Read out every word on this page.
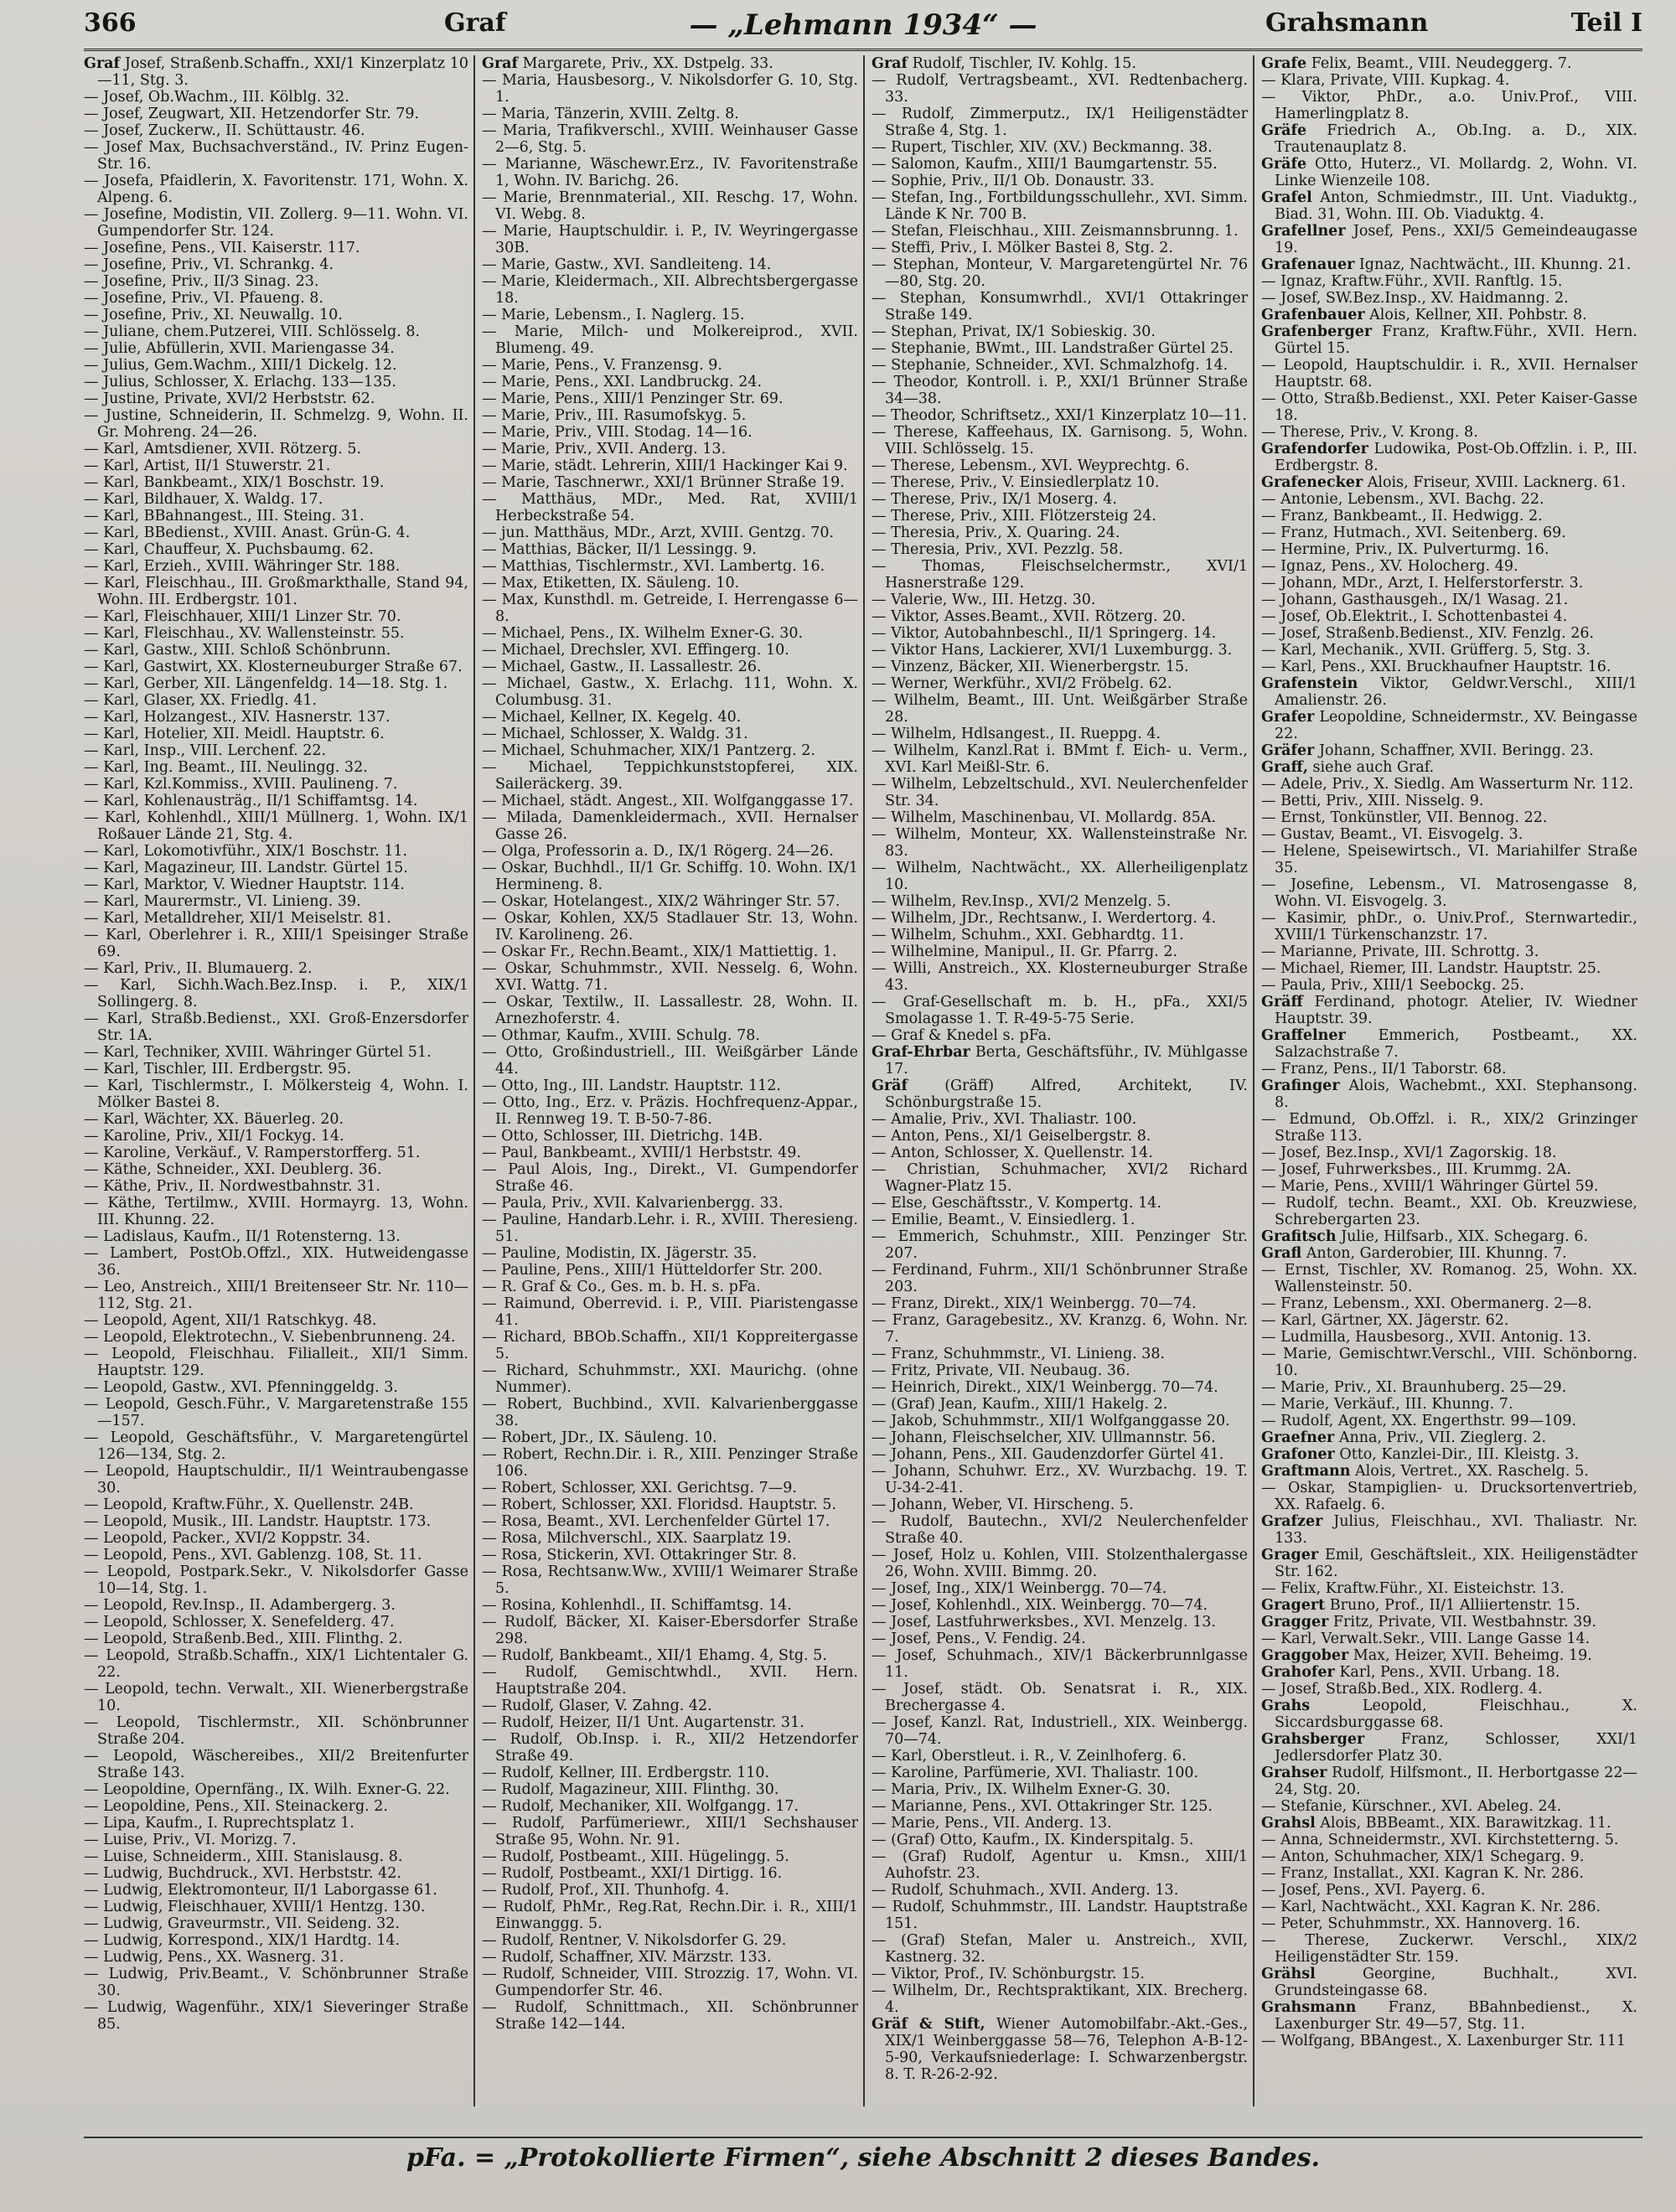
366	Graf	— „Lehmann 1934“ —	Grahsmann	Teil I

Graf Josef, Straßenb.Schaffn., XXI/1 Kinzerplatz 10—11, Stg. 3.

— Josef, Ob.Wachm., III. Kölblg. 32.

— Josef, Zeugwart, XII. Hetzendorfer Str. 79.

— Josef, Zuckerw., II. Schüttaustr. 46.

— Josef Max, Buchsachverständ., IV. Prinz Eugen-Str. 16.

— Josefa, Pfaidlerin, X. Favoritenstr. 171, Wohn. X. Alpeng. 6.

— Josefine, Modistin, VII. Zollerg. 9—11. Wohn. VI. Gumpendorfer Str. 124.

— Josefine, Pens., VII. Kaiserstr. 117.

— Josefine, Priv., VI. Schrankg. 4.

— Josefine, Priv., II/3 Sinag. 23.

— Josefine, Priv., VI. Pfaueng. 8.

— Josefine, Priv., XI. Neuwallg. 10.

— Juliane, chem.Putzerei, VIII. Schlösselg. 8.

— Julie, Abfüllerin, XVII. Mariengasse 34.

— Julius, Gem.Wachm., XIII/1 Dickelg. 12.

— Julius, Schlosser, X. Erlachg. 133—135.

— Justine, Private, XVI/2 Herbststr. 62.

— Justine, Schneiderin, II. Schmelzg. 9, Wohn. II. Gr. Mohreng. 24—26.

— Karl, Amtsdiener, XVII. Rötzerg. 5.

— Karl, Artist, II/1 Stuwerstr. 21.

— Karl, Bankbeamt., XIX/1 Boschstr. 19.

— Karl, Bildhauer, X. Waldg. 17.

— Karl, BBahnangest., III. Steing. 31.

— Karl, BBedienst., XVIII. Anast. Grün-G. 4.

— Karl, Chauffeur, X. Puchsbaumg. 62.

— Karl, Erzieh., XVIII. Währinger Str. 188.

— Karl, Fleischhau., III. Großmarkthalle, Stand 94, Wohn. III. Erdbergstr. 101.

— Karl, Fleischhauer, XIII/1 Linzer Str. 70.

— Karl, Fleischhau., XV. Wallensteinstr. 55.

— Karl, Gastw., XIII. Schloß Schönbrunn.

— Karl, Gastwirt, XX. Klosterneuburger Straße 67.

— Karl, Gerber, XII. Längenfeldg. 14—18. Stg. 1.

— Karl, Glaser, XX. Friedlg. 41.

— Karl, Holzangest., XIV. Hasnerstr. 137.

— Karl, Hotelier, XII. Meidl. Hauptstr. 6.

— Karl, Insp., VIII. Lerchenf. 22.

— Karl, Ing. Beamt., III. Neulingg. 32.

— Karl, Kzl.Kommiss., XVIII. Paulineng. 7.

— Karl, Kohlenausträg., II/1 Schiffamtsg. 14.

— Karl, Kohlenhdl., XIII/1 Müllnerg. 1, Wohn. IX/1 Roßauer Lände 21, Stg. 4.

— Karl, Lokomotivführ., XIX/1 Boschstr. 11.

— Karl, Magazineur, III. Landstr. Gürtel 15.

— Karl, Marktor, V. Wiedner Hauptstr. 114.

— Karl, Maurermstr., VI. Linieng. 39.

— Karl, Metalldreher, XII/1 Meiselstr. 81.

— Karl, Oberlehrer i. R., XIII/1 Speisinger Straße 69.

— Karl, Priv., II. Blumauerg. 2.

— Karl, Sichh.Wach.Bez.Insp. i. P., XIX/1 Sollingerg. 8.

— Karl, Straßb.Bedienst., XXI. Groß-Enzersdorfer Str. 1A.

— Karl, Techniker, XVIII. Währinger Gürtel 51.

— Karl, Tischler, III. Erdbergstr. 95.

— Karl, Tischlermstr., I. Mölkersteig 4, Wohn. I. Mölker Bastei 8.

— Karl, Wächter, XX. Bäuerleg. 20.

— Karoline, Priv., XII/1 Fockyg. 14.

— Karoline, Verkäuf., V. Ramperstorfferg. 51.

— Käthe, Schneider., XXI. Deublerg. 36.

— Käthe, Priv., II. Nordwestbahnstr. 31.

— Käthe, Tertilmw., XVIII. Hormayrg. 13, Wohn. III. Khunng. 22.

— Ladislaus, Kaufm., II/1 Rotensterng. 13.

— Lambert, PostOb.Offzl., XIX. Hutweidengasse 36.

— Leo, Anstreich., XIII/1 Breitenseer Str. Nr. 110—112, Stg. 21.

— Leopold, Agent, XII/1 Ratschkyg. 48.

— Leopold, Elektrotechn., V. Siebenbrunneng. 24.

— Leopold, Fleischhau. Filialleit., XII/1 Simm. Hauptstr. 129.

— Leopold, Gastw., XVI. Pfenninggeldg. 3.

— Leopold, Gesch.Führ., V. Margaretenstraße 155—157.

— Leopold, Geschäftsführ., V. Margaretengürtel 126—134, Stg. 2.

— Leopold, Hauptschuldir., II/1 Weintraubengasse 30.

— Leopold, Kraftw.Führ., X. Quellenstr. 24B.

— Leopold, Musik., III. Landstr. Hauptstr. 173.

— Leopold, Packer., XVI/2 Koppstr. 34.

— Leopold, Pens., XVI. Gablenzg. 108, St. 11.

— Leopold, Postpark.Sekr., V. Nikolsdorfer Gasse 10—14, Stg. 1.

— Leopold, Rev.Insp., II. Adambergerg. 3.

— Leopold, Schlosser, X. Senefelderg. 47.

— Leopold, Straßenb.Bed., XIII. Flinthg. 2.

— Leopold, Straßb.Schaffn., XIX/1 Lichtentaler G. 22.

— Leopold, techn. Verwalt., XII. Wienerbergstraße 10.

— Leopold, Tischlermstr., XII. Schönbrunner Straße 204.

— Leopold, Wäschereibes., XII/2 Breitenfurter Straße 143.

— Leopoldine, Opernfäng., IX. Wilh. Exner-G. 22.

— Leopoldine, Pens., XII. Steinackerg. 2.

— Lipa, Kaufm., I. Ruprechtsplatz 1.

— Luise, Priv., VI. Morizg. 7.

— Luise, Schneiderm., XIII. Stanislausg. 8.

— Ludwig, Buchdruck., XVI. Herbststr. 42.

— Ludwig, Elektromonteur, II/1 Laborgasse 61.

— Ludwig, Fleischhauer, XVIII/1 Hentzg. 130.

— Ludwig, Graveurmstr., VII. Seideng. 32.

— Ludwig, Korrespond., XIX/1 Hardtg. 14.

— Ludwig, Pens., XX. Wasnerg. 31.

— Ludwig, Priv.Beamt., V. Schönbrunner Straße 30.

— Ludwig, Wagenführ., XIX/1 Sieveringer Straße 85.

Graf Margarete, Priv., XX. Dstpelg. 33.

— Maria, Hausbesorg., V. Nikolsdorfer G. 10, Stg. 1.

— Maria, Tänzerin, XVIII. Zeltg. 8.

— Maria, Trafikverschl., XVIII. Weinhauser Gasse 2—6, Stg. 5.

— Marianne, Wäschewr.Erz., IV. Favoritenstraße 1, Wohn. IV. Barichg. 26.

— Marie, Brennmaterial., XII. Reschg. 17, Wohn. VI. Webg. 8.

— Marie, Hauptschuldir. i. P., IV. Weyringergasse 30B.

— Marie, Gastw., XVI. Sandleiteng. 14.

— Marie, Kleidermach., XII. Albrechtsbergergasse 18.

— Marie, Lebensm., I. Naglerg. 15.

— Marie, Milch- und Molkereiprod., XVII. Blumeng. 49.

— Marie, Pens., V. Franzensg. 9.

— Marie, Pens., XXI. Landbruckg. 24.

— Marie, Pens., XIII/1 Penzinger Str. 69.

— Marie, Priv., III. Rasumofskyg. 5.

— Marie, Priv., VIII. Stodag. 14—16.

— Marie, Priv., XVII. Anderg. 13.

— Marie, städt. Lehrerin, XIII/1 Hackinger Kai 9.

— Marie, Taschnerwr., XXI/1 Brünner Straße 19.

— Matthäus, MDr., Med. Rat, XVIII/1 Herbeckstraße 54.

— jun. Matthäus, MDr., Arzt, XVIII. Gentzg. 70.

— Matthias, Bäcker, II/1 Lessingg. 9.

— Matthias, Tischlermstr., XVI. Lambertg. 16.

— Max, Etiketten, IX. Säuleng. 10.

— Max, Kunsthdl. m. Getreide, I. Herrengasse 6—8.

— Michael, Pens., IX. Wilhelm Exner-G. 30.

— Michael, Drechsler, XVI. Effingerg. 10.

— Michael, Gastw., II. Lassallestr. 26.

— Michael, Gastw., X. Erlachg. 111, Wohn. X. Columbusg. 31.

— Michael, Kellner, IX. Kegelg. 40.

— Michael, Schlosser, X. Waldg. 31.

— Michael, Schuhmacher, XIX/1 Pantzerg. 2.

— Michael, Teppichkunststopferei, XIX. Saileräckerg. 39.

— Michael, städt. Angest., XII. Wolfganggasse 17.

— Milada, Damenkleidermach., XVII. Hernalser Gasse 26.

— Olga, Professorin a. D., IX/1 Rögerg. 24—26.

— Oskar, Buchhdl., II/1 Gr. Schiffg. 10. Wohn. IX/1 Hermineng. 8.

— Oskar, Hotelangest., XIX/2 Währinger Str. 57.

— Oskar, Kohlen, XX/5 Stadlauer Str. 13, Wohn. IV. Karolineng. 26.

— Oskar Fr., Rechn.Beamt., XIX/1 Mattiettig. 1.

— Oskar, Schuhmmstr., XVII. Nesselg. 6, Wohn. XVI. Wattg. 71.

— Oskar, Textilw., II. Lassallestr. 28, Wohn. II. Arnezhoferstr. 4.

— Othmar, Kaufm., XVIII. Schulg. 78.

— Otto, Großindustriell., III. Weißgärber Lände 44.

— Otto, Ing., III. Landstr. Hauptstr. 112.

— Otto, Ing., Erz. v. Präzis. Hochfrequenz-Appar., II. Rennweg 19. T. B-50-7-86.

— Otto, Schlosser, III. Dietrichg. 14B.

— Paul, Bankbeamt., XVIII/1 Herbststr. 49.

— Paul Alois, Ing., Direkt., VI. Gumpendorfer Straße 46.

— Paula, Priv., XVII. Kalvarienbergg. 33.

— Pauline, Handarb.Lehr. i. R., XVIII. Theresieng. 51.

— Pauline, Modistin, IX. Jägerstr. 35.

— Pauline, Pens., XIII/1 Hütteldorfer Str. 200.

— R. Graf & Co., Ges. m. b. H. s. pFa.

— Raimund, Oberrevid. i. P., VIII. Piaristengasse 41.

— Richard, BBOb.Schaffn., XII/1 Koppreitergasse 5.

— Richard, Schuhmmstr., XXI. Maurichg. (ohne Nummer).

— Robert, Buchbind., XVII. Kalvarienberggasse 38.

— Robert, JDr., IX. Säuleng. 10.

— Robert, Rechn.Dir. i. R., XIII. Penzinger Straße 106.

— Robert, Schlosser, XXI. Gerichtsg. 7—9.

— Robert, Schlosser, XXI. Floridsd. Hauptstr. 5.

— Rosa, Beamt., XVI. Lerchenfelder Gürtel 17.

— Rosa, Milchverschl., XIX. Saarplatz 19.

— Rosa, Stickerin, XVI. Ottakringer Str. 8.

— Rosa, Rechtsanw.Ww., XVIII/1 Weimarer Straße 5.

— Rosina, Kohlenhdl., II. Schiffamtsg. 14.

— Rudolf, Bäcker, XI. Kaiser-Ebersdorfer Straße 298.

— Rudolf, Bankbeamt., XII/1 Ehamg. 4, Stg. 5.

— Rudolf, Gemischtwhdl., XVII. Hern. Hauptstraße 204.

— Rudolf, Glaser, V. Zahng. 42.

— Rudolf, Heizer, II/1 Unt. Augartenstr. 31.

— Rudolf, Ob.Insp. i. R., XII/2 Hetzendorfer Straße 49.

— Rudolf, Kellner, III. Erdbergstr. 110.

— Rudolf, Magazineur, XIII. Flinthg. 30.

— Rudolf, Mechaniker, XII. Wolfgangg. 17.

— Rudolf, Parfümeriewr., XIII/1 Sechshauser Straße 95, Wohn. Nr. 91.

— Rudolf, Postbeamt., XIII. Hügelingg. 5.

— Rudolf, Postbeamt., XXI/1 Dirtigg. 16.

— Rudolf, Prof., XII. Thunhofg. 4.

— Rudolf, PhMr., Reg.Rat, Rechn.Dir. i. R., XIII/1 Einwanggg. 5.

— Rudolf, Rentner, V. Nikolsdorfer G. 29.

— Rudolf, Schaffner, XIV. Märzstr. 133.

— Rudolf, Schneider, VIII. Strozzig. 17, Wohn. VI. Gumpendorfer Str. 46.

— Rudolf, Schnittmach., XII. Schönbrunner Straße 142—144.

Graf Rudolf, Tischler, IV. Kohlg. 15.

— Rudolf, Vertragsbeamt., XVI. Redtenbacherg. 33.

— Rudolf, Zimmerputz., IX/1 Heiligenstädter Straße 4, Stg. 1.

— Rupert, Tischler, XIV. (XV.) Beckmanng. 38.

— Salomon, Kaufm., XIII/1 Baumgartenstr. 55.

— Sophie, Priv., II/1 Ob. Donaustr. 33.

— Stefan, Ing., Fortbildungsschullehr., XVI. Simm. Lände K Nr. 700 B.

— Stefan, Fleischhau., XIII. Zeismannsbrunng. 1.

— Steffi, Priv., I. Mölker Bastei 8, Stg. 2.

— Stephan, Monteur, V. Margaretengürtel Nr. 76—80, Stg. 20.

— Stephan, Konsumwrhdl., XVI/1 Ottakringer Straße 149.

— Stephan, Privat, IX/1 Sobieskig. 30.

— Stephanie, BWmt., III. Landstraßer Gürtel 25.

— Stephanie, Schneider., XVI. Schmalzhofg. 14.

— Theodor, Kontroll. i. P., XXI/1 Brünner Straße 34—38.

— Theodor, Schriftsetz., XXI/1 Kinzerplatz 10—11.

— Therese, Kaffeehaus, IX. Garnisong. 5, Wohn. VIII. Schlösselg. 15.

— Therese, Lebensm., XVI. Weyprechtg. 6.

— Therese, Priv., V. Einsiedlerplatz 10.

— Therese, Priv., IX/1 Moserg. 4.

— Therese, Priv., XIII. Flötzersteig 24.

— Theresia, Priv., X. Quaring. 24.

— Theresia, Priv., XVI. Pezzlg. 58.

— Thomas, Fleischselchermstr., XVI/1 Hasnerstraße 129.

— Valerie, Ww., III. Hetzg. 30.

— Viktor, Asses.Beamt., XVII. Rötzerg. 20.

— Viktor, Autobahnbeschl., II/1 Springerg. 14.

— Viktor Hans, Lackierer, XVI/1 Luxemburgg. 3.

— Vinzenz, Bäcker, XII. Wienerbergstr. 15.

— Werner, Werkführ., XVI/2 Fröbelg. 62.

— Wilhelm, Beamt., III. Unt. Weißgärber Straße 28.

— Wilhelm, Hdlsangest., II. Rueppg. 4.

— Wilhelm, Kanzl.Rat i. BMmt f. Eich- u. Verm., XVI. Karl Meißl-Str. 6.

— Wilhelm, Lebzeltschuld., XVI. Neulerchenfelder Str. 34.

— Wilhelm, Maschinenbau, VI. Mollardg. 85A.

— Wilhelm, Monteur, XX. Wallensteinstraße Nr. 83.

— Wilhelm, Nachtwächt., XX. Allerheiligenplatz 10.

— Wilhelm, Rev.Insp., XVI/2 Menzelg. 5.

— Wilhelm, JDr., Rechtsanw., I. Werdertorg. 4.

— Wilhelm, Schuhm., XXI. Gebhardtg. 11.

— Wilhelmine, Manipul., II. Gr. Pfarrg. 2.

— Willi, Anstreich., XX. Klosterneuburger Straße 43.

— Graf-Gesellschaft m. b. H., pFa., XXI/5 Smolagasse 1. T. R-49-5-75 Serie.

— Graf & Knedel s. pFa.

Graf-Ehrbar Berta, Geschäftsführ., IV. Mühlgasse 17.

Gräf (Gräff) Alfred, Architekt, IV. Schönburgstraße 15.

— Amalie, Priv., XVI. Thaliastr. 100.

— Anton, Pens., XI/1 Geiselbergstr. 8.

— Anton, Schlosser, X. Quellenstr. 14.

— Christian, Schuhmacher, XVI/2 Richard Wagner-Platz 15.

— Else, Geschäftsstr., V. Kompertg. 14.

— Emilie, Beamt., V. Einsiedlerg. 1.

— Emmerich, Schuhmstr., XIII. Penzinger Str. 207.

— Ferdinand, Fuhrm., XII/1 Schönbrunner Straße 203.

— Franz, Direkt., XIX/1 Weinbergg. 70—74.

— Franz, Garagebesitz., XV. Kranzg. 6, Wohn. Nr. 7.

— Franz, Schuhmmstr., VI. Linieng. 38.

— Fritz, Private, VII. Neubaug. 36.

— Heinrich, Direkt., XIX/1 Weinbergg. 70—74.

— (Graf) Jean, Kaufm., XIII/1 Hakelg. 2.

— Jakob, Schuhmmstr., XII/1 Wolfganggasse 20.

— Johann, Fleischselcher, XIV. Ullmannstr. 56.

— Johann, Pens., XII. Gaudenzdorfer Gürtel 41.

— Johann, Schuhwr. Erz., XV. Wurzbachg. 19. T. U-34-2-41.

— Johann, Weber, VI. Hirscheng. 5.

— Rudolf, Bautechn., XVI/2 Neulerchenfelder Straße 40.

— Josef, Holz u. Kohlen, VIII. Stolzenthalergasse 26, Wohn. XVIII. Bimmg. 20.

— Josef, Ing., XIX/1 Weinbergg. 70—74.

— Josef, Kohlenhdl., XIX. Weinbergg. 70—74.

— Josef, Lastfuhrwerksbes., XVI. Menzelg. 13.

— Josef, Pens., V. Fendig. 24.

— Josef, Schuhmach., XIV/1 Bäckerbrunnlgasse 11.

— Josef, städt. Ob. Senatsrat i. R., XIX. Brechergasse 4.

— Josef, Kanzl. Rat, Industriell., XIX. Weinbergg. 70—74.

— Karl, Oberstleut. i. R., V. Zeinlhoferg. 6.

— Karoline, Parfümerie, XVI. Thaliastr. 100.

— Maria, Priv., IX. Wilhelm Exner-G. 30.

— Marianne, Pens., XVI. Ottakringer Str. 125.

— Marie, Pens., VII. Anderg. 13.

— (Graf) Otto, Kaufm., IX. Kinderspitalg. 5.

— (Graf) Rudolf, Agentur u. Kmsn., XIII/1 Auhofstr. 23.

— Rudolf, Schuhmach., XVII. Anderg. 13.

— Rudolf, Schuhmmstr., III. Landstr. Hauptstraße 151.

— (Graf) Stefan, Maler u. Anstreich., XVII, Kastnerg. 32.

— Viktor, Prof., IV. Schönburgstr. 15.

— Wilhelm, Dr., Rechtspraktikant, XIX. Brecherg. 4.

Gräf & Stift, Wiener Automobilfabr.-Akt.-Ges., XIX/1 Weinberggasse 58—76, Telephon A-B-12-5-90, Verkaufsniederlage: I. Schwarzenbergstr. 8. T. R-26-2-92.

Grafe Felix, Beamt., VIII. Neudeggerg. 7.

— Klara, Private, VIII. Kupkag. 4.

— Viktor, PhDr., a.o. Univ.Prof., VIII. Hamerlingplatz 8.

Gräfe Friedrich A., Ob.Ing. a. D., XIX. Trautenauplatz 8.

Gräfe Otto, Huterz., VI. Mollardg. 2, Wohn. VI. Linke Wienzeile 108.

Grafel Anton, Schmiedmstr., III. Unt. Viaduktg., Biad. 31, Wohn. III. Ob. Viaduktg. 4.

Grafellner Josef, Pens., XXI/5 Gemeindeaugasse 19.

Grafenauer Ignaz, Nachtwächt., III. Khunng. 21.

— Ignaz, Kraftw.Führ., XVII. Ranftlg. 15.

— Josef, SW.Bez.Insp., XV. Haidmanng. 2.

Grafenbauer Alois, Kellner, XII. Pohbstr. 8.

Grafenberger Franz, Kraftw.Führ., XVII. Hern. Gürtel 15.

— Leopold, Hauptschuldir. i. R., XVII. Hernalser Hauptstr. 68.

— Otto, Straßb.Bedienst., XXI. Peter Kaiser-Gasse 18.

— Therese, Priv., V. Krong. 8.

Grafendorfer Ludowika, Post-Ob.Offzlin. i. P., III. Erdbergstr. 8.

Grafenecker Alois, Friseur, XVIII. Lacknerg. 61.

— Antonie, Lebensm., XVI. Bachg. 22.

— Franz, Bankbeamt., II. Hedwigg. 2.

— Franz, Hutmach., XVI. Seitenberg. 69.

— Hermine, Priv., IX. Pulverturmg. 16.

— Ignaz, Pens., XV. Holocherg. 49.

— Johann, MDr., Arzt, I. Helferstorferstr. 3.

— Johann, Gasthausgeh., IX/1 Wasag. 21.

— Josef, Ob.Elektrit., I. Schottenbastei 4.

— Josef, Straßenb.Bedienst., XIV. Fenzlg. 26.

— Karl, Mechanik., XVII. Grüfferg. 5, Stg. 3.

— Karl, Pens., XXI. Bruckhaufner Hauptstr. 16.

Grafenstein Viktor, Geldwr.Verschl., XIII/1 Amalienstr. 26.

Grafer Leopoldine, Schneidermstr., XV. Beingasse 22.

Gräfer Johann, Schaffner, XVII. Beringg. 23.

Graff, siehe auch Graf.

— Adele, Priv., X. Siedlg. Am Wasserturm Nr. 112.

— Betti, Priv., XIII. Nisselg. 9.

— Ernst, Tonkünstler, VII. Bennog. 22.

— Gustav, Beamt., VI. Eisvogelg. 3.

— Helene, Speisewirtsch., VI. Mariahilfer Straße 35.

— Josefine, Lebensm., VI. Matrosengasse 8, Wohn. VI. Eisvogelg. 3.

— Kasimir, phDr., o. Univ.Prof., Sternwartedir., XVIII/1 Türkenschanzstr. 17.

— Marianne, Private, III. Schrottg. 3.

— Michael, Riemer, III. Landstr. Hauptstr. 25.

— Paula, Priv., XIII/1 Seebockg. 25.

Gräff Ferdinand, photogr. Atelier, IV. Wiedner Hauptstr. 39.

Graffelner Emmerich, Postbeamt., XX. Salzachstraße 7.

— Franz, Pens., II/1 Taborstr. 68.

Grafinger Alois, Wachebmt., XXI. Stephansong. 8.

— Edmund, Ob.Offzl. i. R., XIX/2 Grinzinger Straße 113.

— Josef, Bez.Insp., XVI/1 Zagorskig. 18.

— Josef, Fuhrwerksbes., III. Krummg. 2A.

— Marie, Pens., XVIII/1 Währinger Gürtel 59.

— Rudolf, techn. Beamt., XXI. Ob. Kreuzwiese, Schrebergarten 23.

Grafitsch Julie, Hilfsarb., XIX. Schegarg. 6.

Grafl Anton, Garderobier, III. Khunng. 7.

— Ernst, Tischler, XV. Romanog. 25, Wohn. XX. Wallensteinstr. 50.

— Franz, Lebensm., XXI. Obermanerg. 2—8.

— Karl, Gärtner, XX. Jägerstr. 62.

— Ludmilla, Hausbesorg., XVII. Antonig. 13.

— Marie, Gemischtwr.Verschl., VIII. Schönborng. 10.

— Marie, Priv., XI. Braunhuberg. 25—29.

— Marie, Verkäuf., III. Khunng. 7.

— Rudolf, Agent, XX. Engerthstr. 99—109.

Graefner Anna, Priv., VII. Zieglerg. 2.

Grafoner Otto, Kanzlei-Dir., III. Kleistg. 3.

Graftmann Alois, Vertret., XX. Raschelg. 5.

— Oskar, Stampiglien- u. Drucksortenvertrieb, XX. Rafaelg. 6.

Grafzer Julius, Fleischhau., XVI. Thaliastr. Nr. 133.

Grager Emil, Geschäftsleit., XIX. Heiligenstädter Str. 162.

— Felix, Kraftw.Führ., XI. Eisteichstr. 13.

Gragert Bruno, Prof., II/1 Alliiertenstr. 15.

Gragger Fritz, Private, VII. Westbahnstr. 39.

— Karl, Verwalt.Sekr., VIII. Lange Gasse 14.

Graggober Max, Heizer, XVII. Beheimg. 19.

Grahofer Karl, Pens., XVII. Urbang. 18.

— Josef, Straßb.Bed., XIX. Rodlerg. 4.

Grahs Leopold, Fleischhau., X. Siccardsburggasse 68.

Grahsberger Franz, Schlosser, XXI/1 Jedlersdorfer Platz 30.

Grahser Rudolf, Hilfsmont., II. Herbortgasse 22—24, Stg. 20.

— Stefanie, Kürschner., XVI. Abeleg. 24.

Grahsl Alois, BBBeamt., XIX. Barawitzkag. 11.

— Anna, Schneidermstr., XVI. Kirchstetterng. 5.

— Anton, Schuhmacher, XIX/1 Schegarg. 9.

— Franz, Installat., XXI. Kagran K. Nr. 286.

— Josef, Pens., XVI. Payerg. 6.

— Karl, Nachtwächt., XXI. Kagran K. Nr. 286.

— Peter, Schuhmmstr., XX. Hannoverg. 16.

— Therese, Zuckerwr. Verschl., XIX/2 Heiligenstädter Str. 159.

Grähsl Georgine, Buchhalt., XVI. Grundsteingasse 68.

Grahsmann Franz, BBahnbedienst., X. Laxenburger Str. 49—57, Stg. 11.

— Wolfgang, BBAngest., X. Laxenburger Str. 111

pFa. = „Protokollierte Firmen“, siehe Abschnitt 2 dieses Bandes.
